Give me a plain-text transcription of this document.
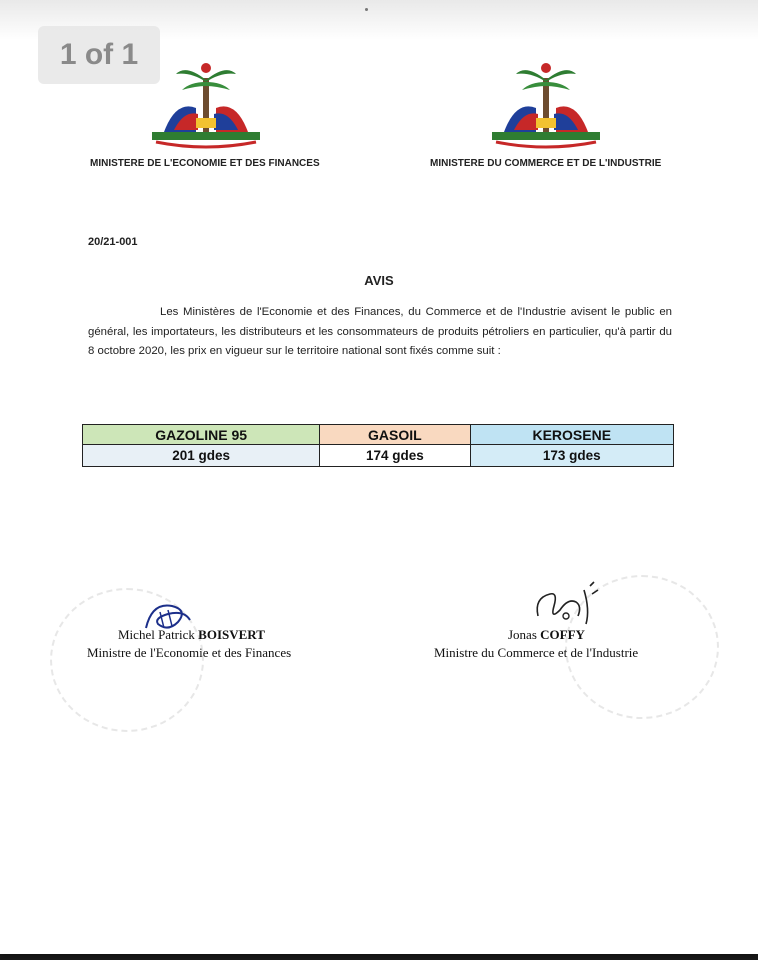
1 of 1
MINISTERE DE L'ECONOMIE ET DES FINANCES	MINISTERE DU COMMERCE ET DE L'INDUSTRIE
20/21-001
AVIS
Les Ministères de l'Economie et des Finances, du Commerce et de l'Industrie avisent le public en général, les importateurs, les distributeurs et les consommateurs de produits pétroliers en particulier, qu'à partir du 8 octobre 2020, les prix en vigueur sur le territoire national sont fixés comme suit :
GAZOLINE 95	GASOIL	KEROSENE
201 gdes	174 gdes	173 gdes
Michel Patrick BOISVERT
Ministre de l'Economie et des Finances
Jonas COFFY
Ministre du Commerce et de l'Industrie
